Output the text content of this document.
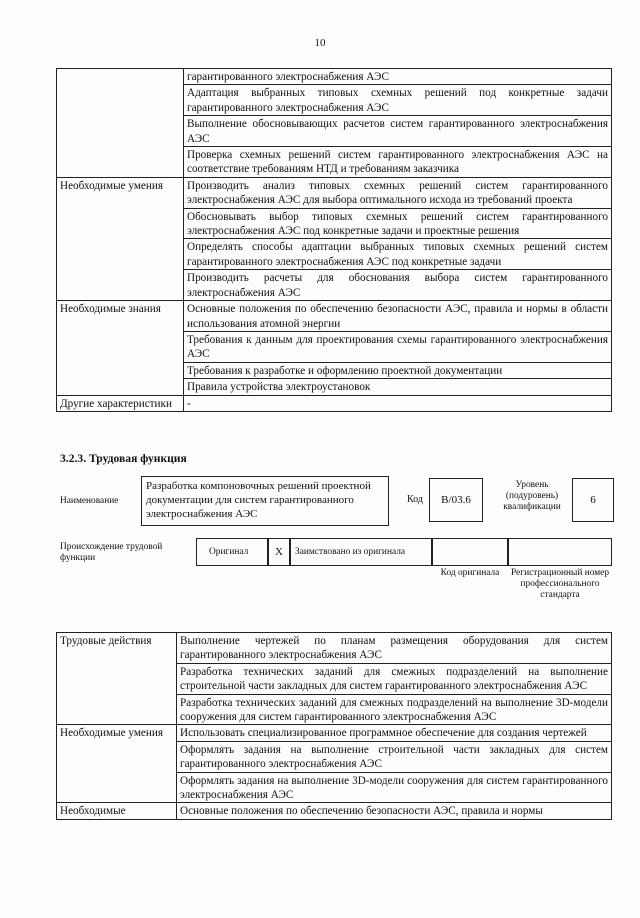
10
	гарантированного электроснабжения АЭС
	Адаптация выбранных типовых схемных решений под конкретные задачи гарантированного электроснабжения АЭС
	Выполнение обосновывающих расчетов систем гарантированного электроснабжения АЭС
	Проверка схемных решений систем гарантированного электроснабжения АЭС на соответствие требованиям НТД и требованиям заказчика
Необходимые умения	Производить анализ типовых схемных решений систем гарантированного электроснабжения АЭС для выбора оптимального исхода из требований проекта
	Обосновывать выбор типовых схемных решений систем гарантированного электроснабжения АЭС под конкретные задачи и проектные решения
	Определять способы адаптации выбранных типовых схемных решений систем гарантированного электроснабжения АЭС под конкретные задачи
	Производить расчеты для обоснования выбора систем гарантированного электроснабжения АЭС
Необходимые знания	Основные положения по обеспечению безопасности АЭС, правила и нормы в области использования атомной энергии
	Требования к данным для проектирования схемы гарантированного электроснабжения АЭС
	Требования к разработке и оформлению проектной документации
	Правила устройства электроустановок
Другие характеристики	-
3.2.3. Трудовая функция
Наименование
Разработка компоновочных решений проектной документации для систем гарантированного электроснабжения АЭС
Код	B/03.6
Уровень (подуровень) квалификации
6
Происхождение трудовой функции
Оригинал	X	Заимствовано из оригинала
Код оригинала	Регистрационный номер профессионального стандарта
Трудовые действия	Выполнение чертежей по планам размещения оборудования для систем гарантированного электроснабжения АЭС
	Разработка технических заданий для смежных подразделений на выполнение строительной части закладных для систем гарантированного электроснабжения АЭС
	Разработка технических заданий для смежных подразделений на выполнение 3D-модели сооружения для систем гарантированного электроснабжения АЭС
Необходимые умения	Использовать специализированное программное обеспечение для создания чертежей
	Оформлять задания на выполнение строительной части закладных для систем гарантированного электроснабжения АЭС
	Оформлять задания на выполнение 3D-модели сооружения для систем гарантированного электроснабжения АЭС
Необходимые	Основные положения по обеспечению безопасности АЭС, правила и нормы
